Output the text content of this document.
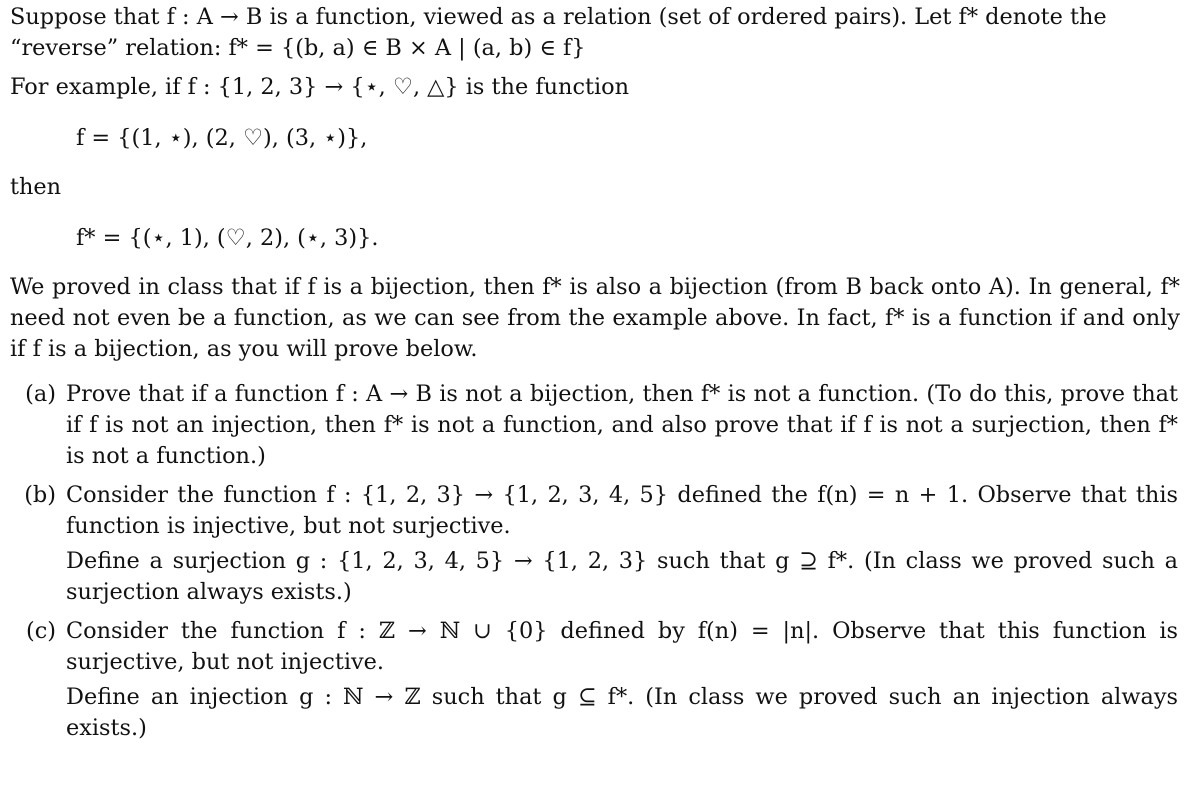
Suppose that f : A → B is a function, viewed as a relation (set of ordered pairs). Let f* denote the

“reverse” relation: f* = {(b, a) ∈ B × A | (a, b) ∈ f}

For example, if f : {1, 2, 3} → {⋆, ♡, △} is the function

f = {(1, ⋆), (2, ♡), (3, ⋆)},

then

f* = {(⋆, 1), (♡, 2), (⋆, 3)}.

We proved in class that if f is a bijection, then f* is also a bijection (from B back onto A). In general, f* need not even be a function, as we can see from the example above. In fact, f* is a function if and only if f is a bijection, as you will prove below.

(a) Prove that if a function f : A → B is not a bijection, then f* is not a function. (To do this, prove that if f is not an injection, then f* is not a function, and also prove that if f is not a surjection, then f* is not a function.)

(b) Consider the function f : {1, 2, 3} → {1, 2, 3, 4, 5} defined the f(n) = n + 1. Observe that this function is injective, but not surjective.

Define a surjection g : {1, 2, 3, 4, 5} → {1, 2, 3} such that g ⊇ f*. (In class we proved such a surjection always exists.)

(c) Consider the function f : ℤ → ℕ ∪ {0} defined by f(n) = |n|. Observe that this function is surjective, but not injective.

Define an injection g : ℕ → ℤ such that g ⊆ f*. (In class we proved such an injection always exists.)
